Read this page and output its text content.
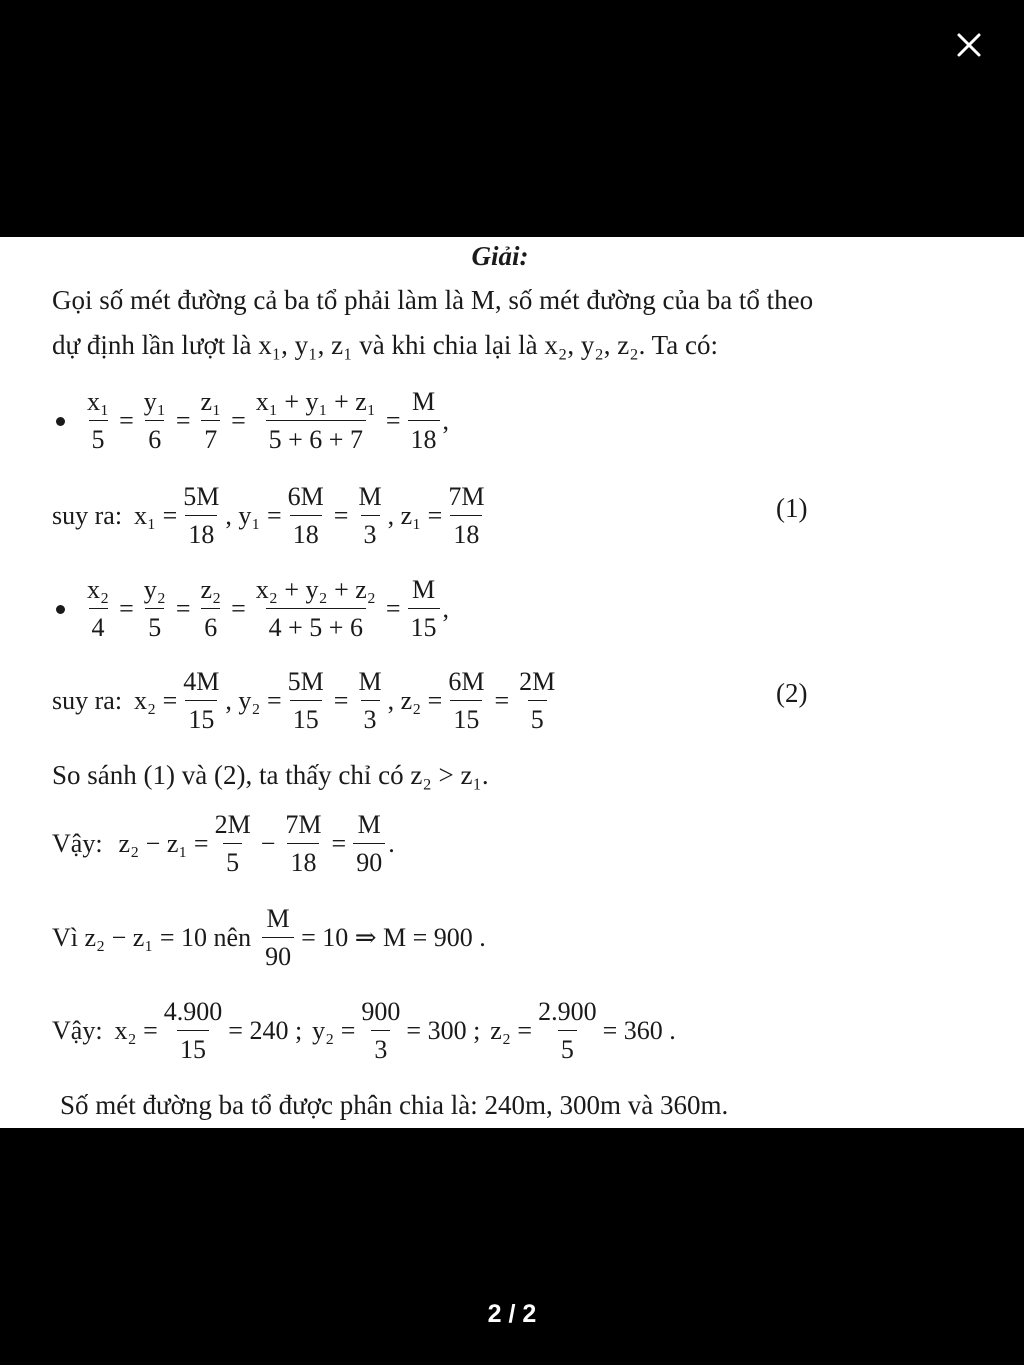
Giải:
Gọi số mét đường cả ba tổ phải làm là M, số mét đường của ba tổ theo
dự định lần lượt là x₁, y₁, z₁ và khi chia lại là x₂, y₂, z₂. Ta có:
$\frac{\text{x₁}}{5} = \frac{\text{y₁}}{6} = \frac{\text{z₁}}{7} = \frac{\text{x₁ + y₁ + z₁}}{5 + 6 + 7} = \frac{M}{18}$ ,
suy ra: $x_1 = \frac{5M}{18}$ , $y_1 = \frac{6M}{18} = \frac{M}{3}$ , $z_1 = \frac{7M}{18}$	(1)
$\frac{\text{x₂}}{4} = \frac{\text{y₂}}{5} = \frac{\text{z₂}}{6} = \frac{\text{x₂ + y₂ + z₂}}{4 + 5 + 6} = \frac{M}{15}$ ,
suy ra: $x_2 = \frac{4M}{15}$ , $y_2 = \frac{5M}{15} = \frac{M}{3}$ , $z_2 = \frac{6M}{15} = \frac{2M}{5}$	(2)
So sánh (1) và (2), ta thấy chỉ có z₂ > z₁.
Vậy: $z_2 - z_1 = \frac{2M}{5} - \frac{7M}{18} = \frac{M}{90}$ .
Vì z₂ − z₁ = 10 nên $\frac{M}{90} = 10$ ⇒ M = 900 .
Vậy: $x_2 = \frac{4.900}{15} = 240$ ; $y_2 = \frac{900}{3} = 300$ ; $z_2 = \frac{2.900}{5} = 360$ .
Số mét đường ba tổ được phân chia là: 240m, 300m và 360m.
2 / 2
